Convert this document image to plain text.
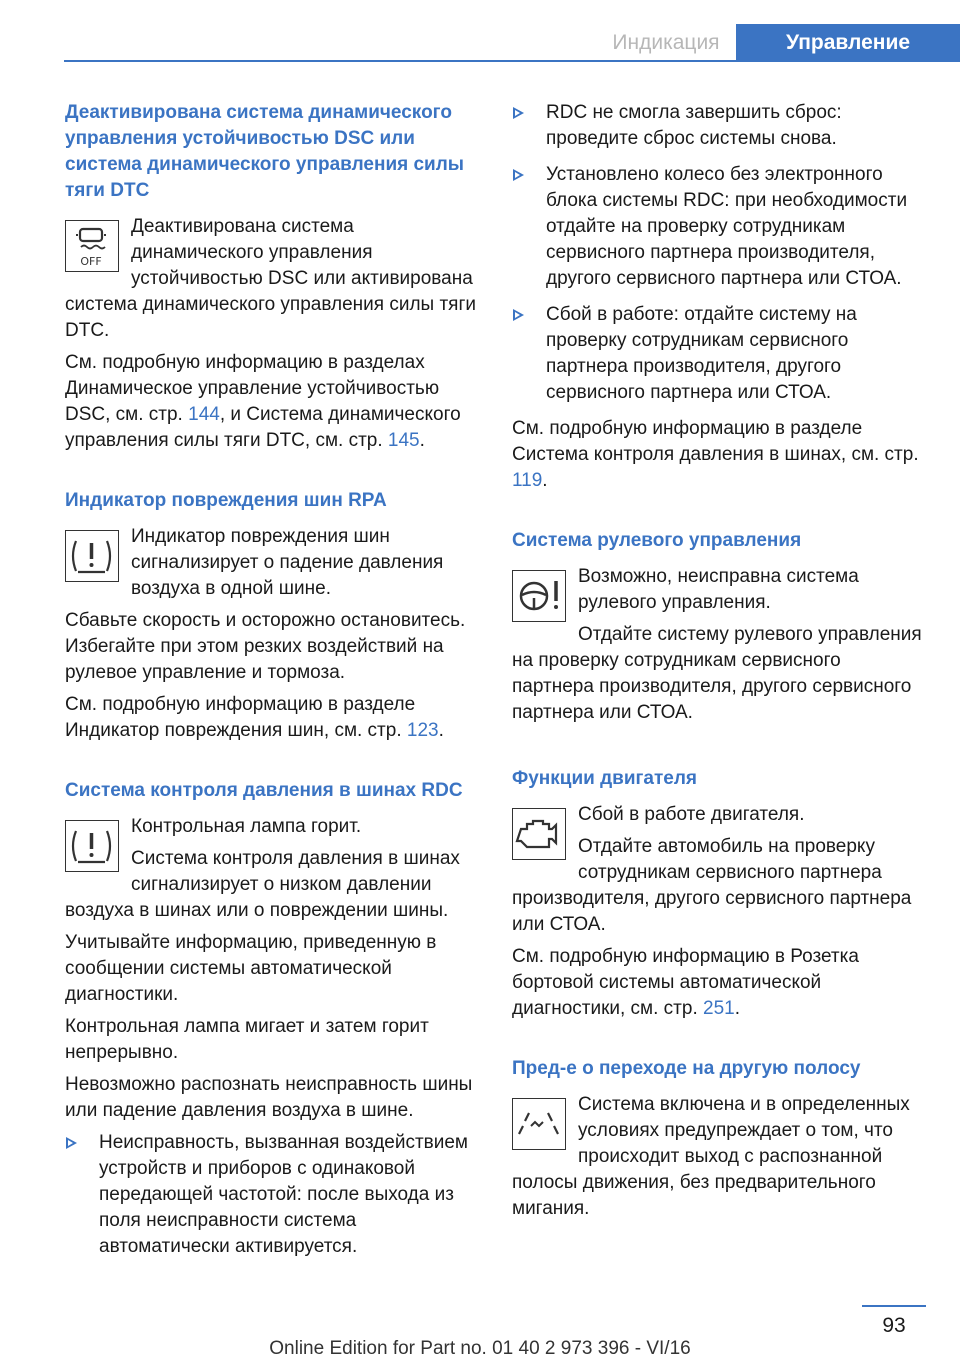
Индикация	Управление
Деактивирована система динамического управления устойчивостью DSC или система динамического управления силы тяги DTC
OFF

Деактивирована система динамического управления устойчивостью DSC или активирована система динамического управления силы тяги DTC.

См. подробную информацию в разделах Динамическое управление устойчивостью DSC, см. стр. 144, и Система динамического управления силы тяги DTC, см. стр. 145.

Индикатор повреждения шин RPA

Индикатор повреждения шин сигнализирует о падение давления воздуха в одной шине.

Сбавьте скорость и осторожно остановитесь. Избегайте при этом резких воздействий на рулевое управление и тормоза.

См. подробную информацию в разделе Индикатор повреждения шин, см. стр. 123.

Система контроля давления в шинах RDC

Контрольная лампа горит.

Система контроля давления в шинах сигнализирует о низком давлении воздуха в шинах или о повреждении шины.

Учитывайте информацию, приведенную в сообщении системы автоматической диагностики.

Контрольная лампа мигает и затем горит непрерывно.

Невозможно распознать неисправность шины или падение давления воздуха в шине.

Неисправность, вызванная воздействием устройств и приборов с одинаковой передающей частотой: после выхода из поля неисправности система автоматически активируется.
RDC не смогла завершить сброс: проведите сброс системы снова.
Установлено колесо без электронного блока системы RDC: при необходимости отдайте на проверку сотрудникам сервисного партнера производителя, другого сервисного партнера или СТОА.
Сбой в работе: отдайте систему на проверку сотрудникам сервисного партнера производителя, другого сервисного партнера или СТОА.

См. подробную информацию в разделе Система контроля давления в шинах, см. стр. 119.

Система рулевого управления

Возможно, неисправна система рулевого управления.

Отдайте систему рулевого управления на проверку сотрудникам сервисного партнера производителя, другого сервисного партнера или СТОА.

Функции двигателя

Сбой в работе двигателя.

Отдайте автомобиль на проверку сотрудникам сервисного партнера производителя, другого сервисного партнера или СТОА.

См. подробную информацию в Розетка бортовой системы автоматической диагностики, см. стр. 251.

Пред-е о переходе на другую полосу

Система включена и в определенных условиях предупреждает о том, что происходит выход с распознанной полосы движения, без предварительного мигания.

93
Online Edition for Part no. 01 40 2 973 396 - VI/16
